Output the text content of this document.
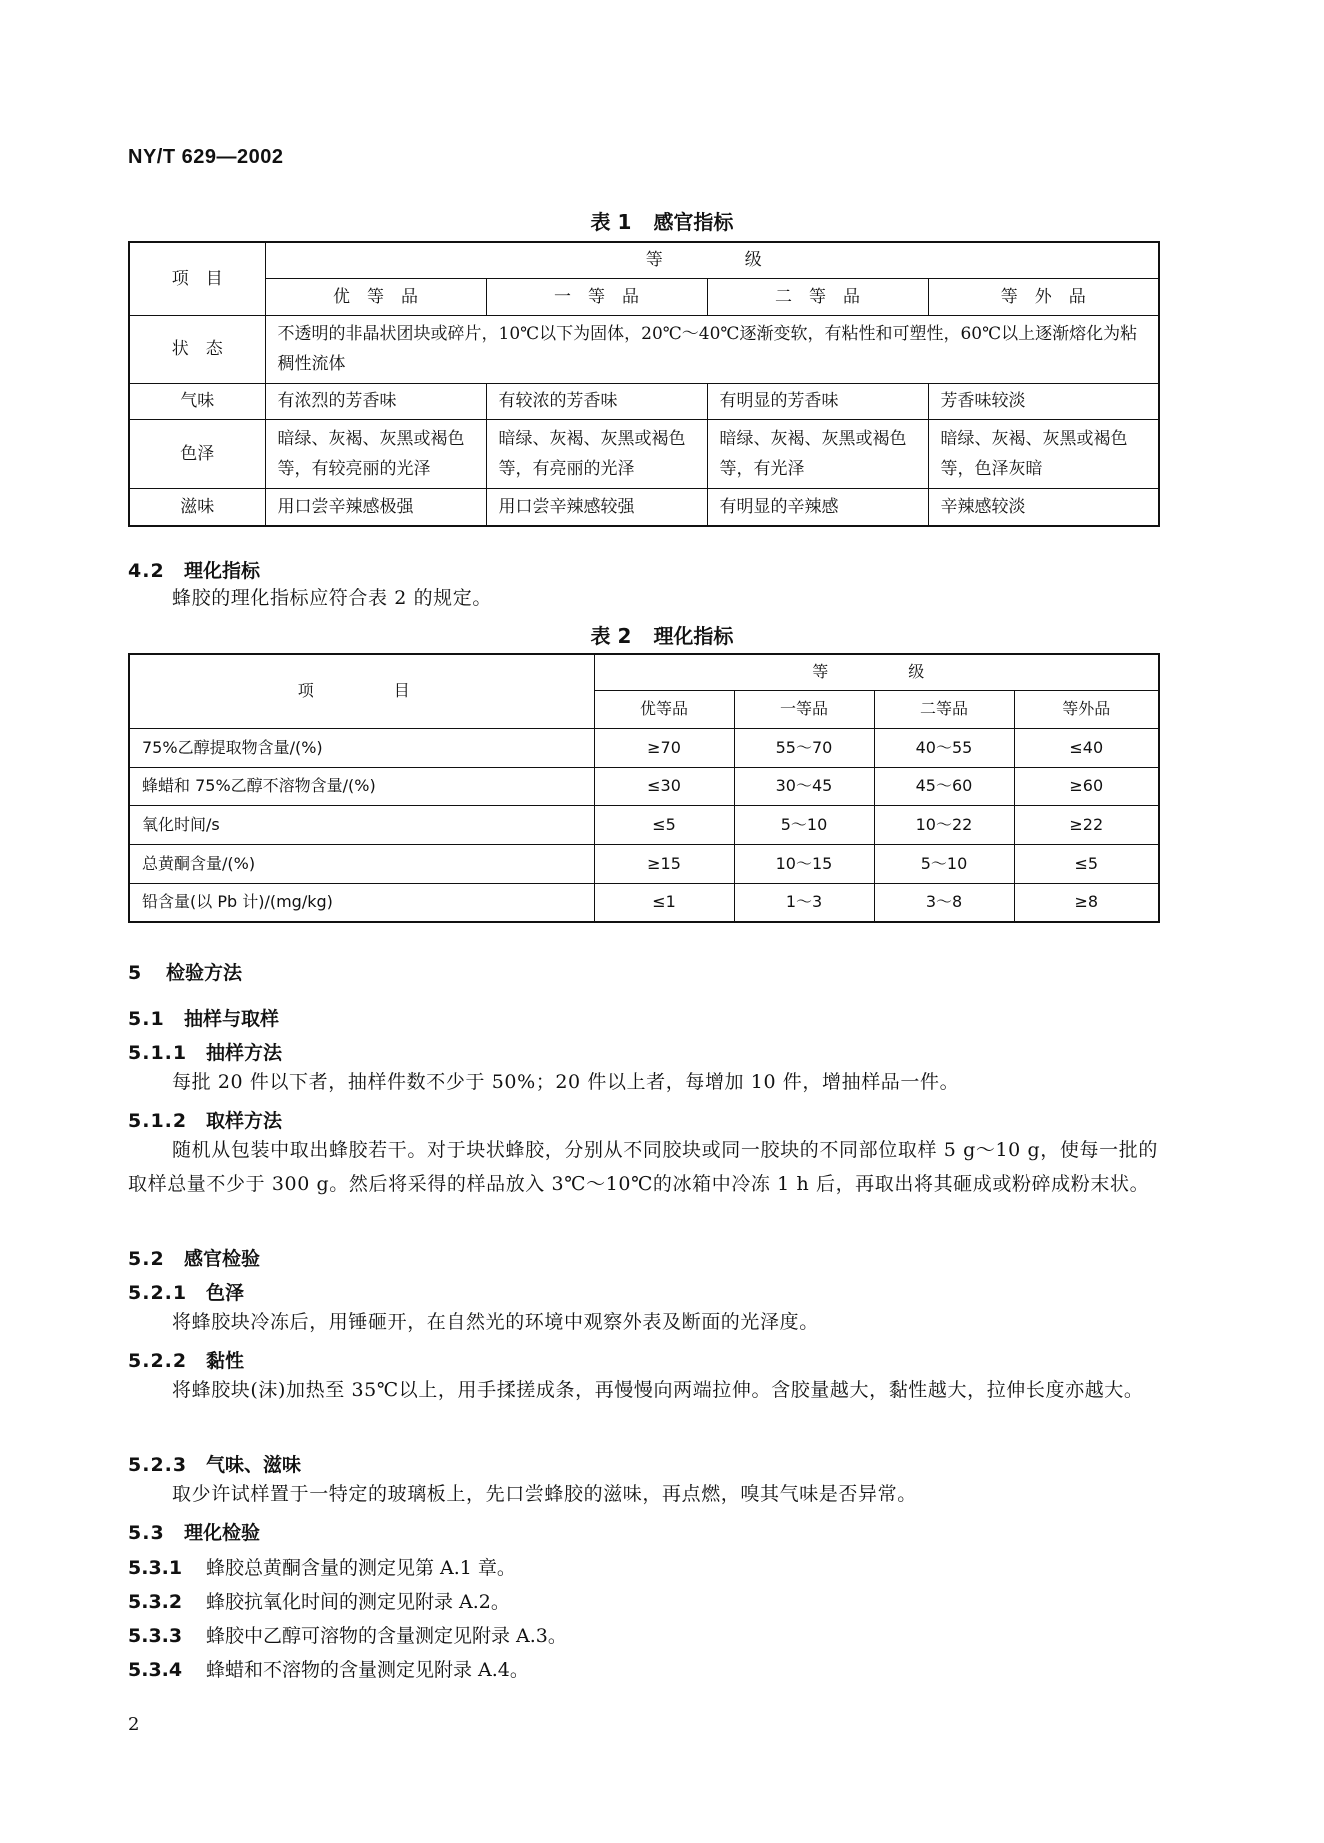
NY/T 629—2002
表 1 感官指标
项　目	等　　级			
	优　等　品	一　等　品	二　等　品	等　外　品
状　态	不透明的非晶状团块或碎片，10℃以下为固体，20℃～40℃逐渐变软，有粘性和可塑性，60℃以上逐渐熔化为粘稠性流体			
气味	有浓烈的芳香味	有较浓的芳香味	有明显的芳香味	芳香味较淡
色泽	暗绿、灰褐、灰黑或褐色等，有较亮丽的光泽	暗绿、灰褐、灰黑或褐色等，有亮丽的光泽	暗绿、灰褐、灰黑或褐色等，有光泽	暗绿、灰褐、灰黑或褐色等，色泽灰暗
滋味	用口尝辛辣感极强	用口尝辛辣感较强	有明显的辛辣感	辛辣感较淡
4.2 理化指标
蜂胶的理化指标应符合表 2 的规定。
表 2 理化指标
项　　目	等　　级			
	优等品	一等品	二等品	等外品
75%乙醇提取物含量/(%)	≥70	55～70	40～55	≤40
蜂蜡和 75%乙醇不溶物含量/(%)	≤30	30～45	45～60	≥60
氧化时间/s	≤5	5～10	10～22	≥22
总黄酮含量/(%)	≥15	10～15	5～10	≤5
铅含量(以 Pb 计)/(mg/kg)	≤1	1～3	3～8	≥8
5 检验方法
5.1 抽样与取样
5.1.1 抽样方法
每批 20 件以下者，抽样件数不少于 50%；20 件以上者，每增加 10 件，增抽样品一件。
5.1.2 取样方法
随机从包装中取出蜂胶若干。对于块状蜂胶，分别从不同胶块或同一胶块的不同部位取样 5 g～10 g，使每一批的取样总量不少于 300 g。然后将采得的样品放入 3℃～10℃的冰箱中冷冻 1 h 后，再取出将其砸成或粉碎成粉末状。
5.2 感官检验
5.2.1 色泽
将蜂胶块冷冻后，用锤砸开，在自然光的环境中观察外表及断面的光泽度。
5.2.2 黏性
将蜂胶块(沫)加热至 35℃以上，用手揉搓成条，再慢慢向两端拉伸。含胶量越大，黏性越大，拉伸长度亦越大。
5.2.3 气味、滋味
取少许试样置于一特定的玻璃板上，先口尝蜂胶的滋味，再点燃，嗅其气味是否异常。
5.3 理化检验
5.3.1 蜂胶总黄酮含量的测定见第 A.1 章。
5.3.2 蜂胶抗氧化时间的测定见附录 A.2。
5.3.3 蜂胶中乙醇可溶物的含量测定见附录 A.3。
5.3.4 蜂蜡和不溶物的含量测定见附录 A.4。
2
